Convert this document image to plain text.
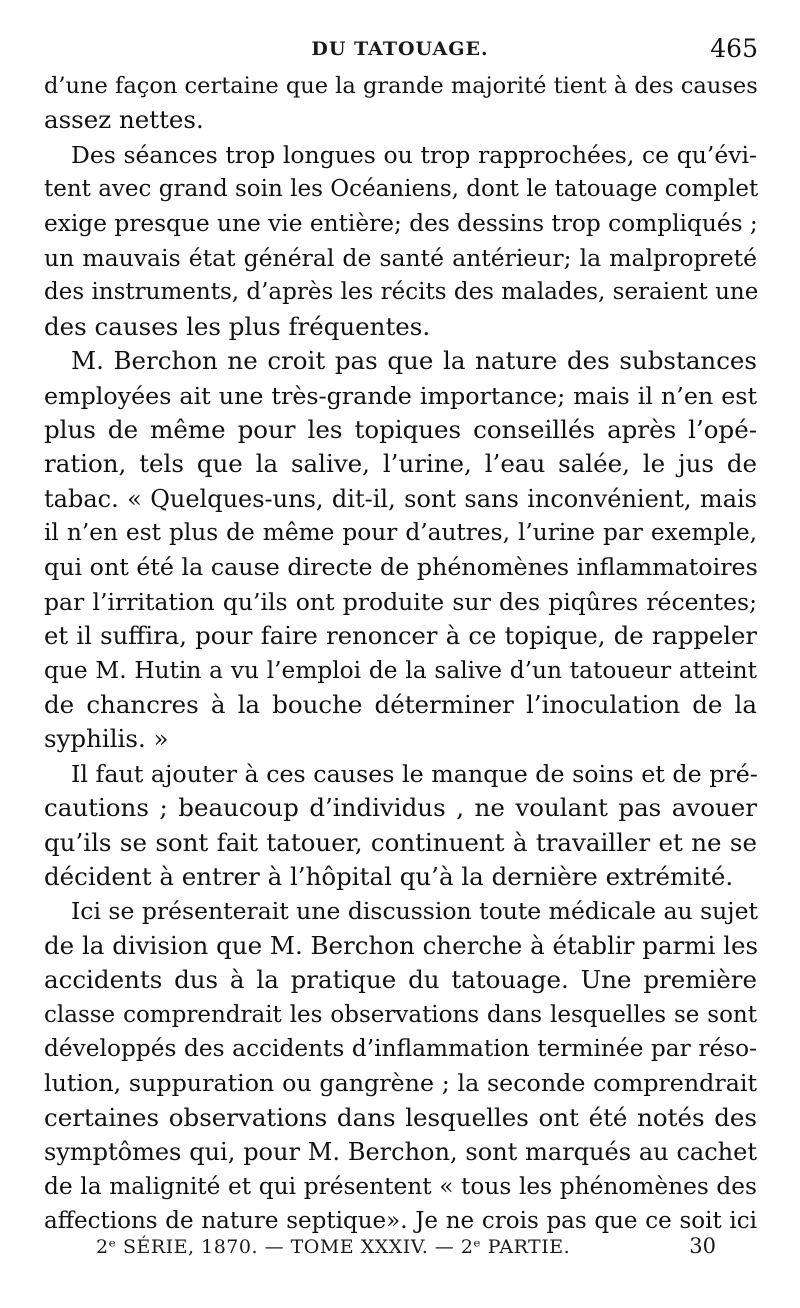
DU TATOUAGE.	465
d’une façon certaine que la grande majorité tient à des causes
assez nettes.
Des séances trop longues ou trop rapprochées, ce qu’évi-
tent avec grand soin les Océaniens, dont le tatouage complet
exige presque une vie entière; des dessins trop compliqués ;
un mauvais état général de santé antérieur; la malpropreté
des instruments, d’après les récits des malades, seraient une
des causes les plus fréquentes.
M. Berchon ne croit pas que la nature des substances
employées ait une très-grande importance; mais il n’en est
plus de même pour les topiques conseillés après l’opé-
ration, tels que la salive, l’urine, l’eau salée, le jus de
tabac. « Quelques-uns, dit-il, sont sans inconvénient, mais
il n’en est plus de même pour d’autres, l’urine par exemple,
qui ont été la cause directe de phénomènes inflammatoires
par l’irritation qu’ils ont produite sur des piqûres récentes;
et il suffira, pour faire renoncer à ce topique, de rappeler
que M. Hutin a vu l’emploi de la salive d’un tatoueur atteint
de chancres à la bouche déterminer l’inoculation de la
syphilis. »
Il faut ajouter à ces causes le manque de soins et de pré-
cautions ; beaucoup d’individus , ne voulant pas avouer
qu’ils se sont fait tatouer, continuent à travailler et ne se
décident à entrer à l’hôpital qu’à la dernière extrémité.
Ici se présenterait une discussion toute médicale au sujet
de la division que M. Berchon cherche à établir parmi les
accidents dus à la pratique du tatouage. Une première
classe comprendrait les observations dans lesquelles se sont
développés des accidents d’inflammation terminée par réso-
lution, suppuration ou gangrène ; la seconde comprendrait
certaines observations dans lesquelles ont été notés des
symptômes qui, pour M. Berchon, sont marqués au cachet
de la malignité et qui présentent « tous les phénomènes des
affections de nature septique». Je ne crois pas que ce soit ici
2ᵉ SÉRIE, 1870. — TOME XXXIV. — 2ᵉ PARTIE.	30
